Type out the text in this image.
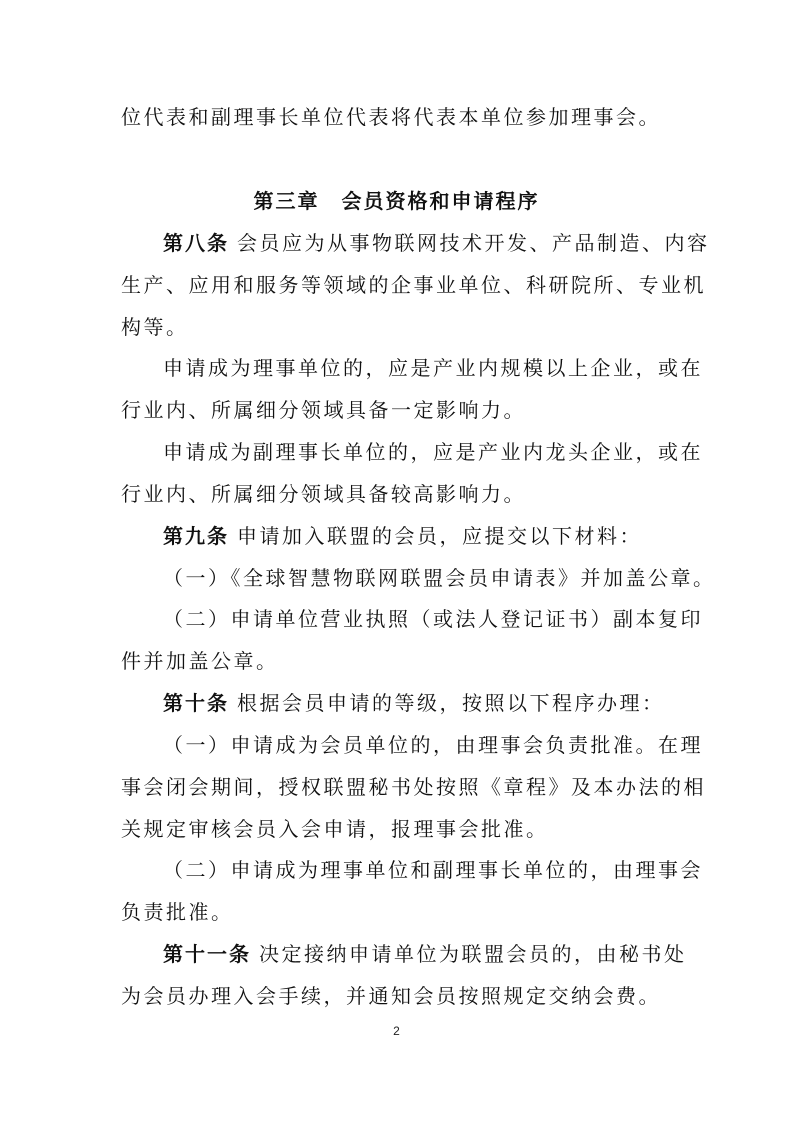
位代表和副理事长单位代表将代表本单位参加理事会。
第三章　会员资格和申请程序
第八条 会员应为从事物联网技术开发、产品制造、内容
生产、应用和服务等领域的企事业单位、科研院所、专业机
构等。
申请成为理事单位的，应是产业内规模以上企业，或在
行业内、所属细分领域具备一定影响力。
申请成为副理事长单位的，应是产业内龙头企业，或在
行业内、所属细分领域具备较高影响力。
第九条 申请加入联盟的会员，应提交以下材料：
（一）《全球智慧物联网联盟会员申请表》并加盖公章。
（二）申请单位营业执照（或法人登记证书）副本复印
件并加盖公章。
第十条 根据会员申请的等级，按照以下程序办理：
（一）申请成为会员单位的，由理事会负责批准。在理
事会闭会期间，授权联盟秘书处按照《章程》及本办法的相
关规定审核会员入会申请，报理事会批准。
（二）申请成为理事单位和副理事长单位的，由理事会
负责批准。
第十一条 决定接纳申请单位为联盟会员的，由秘书处
为会员办理入会手续，并通知会员按照规定交纳会费。
2
